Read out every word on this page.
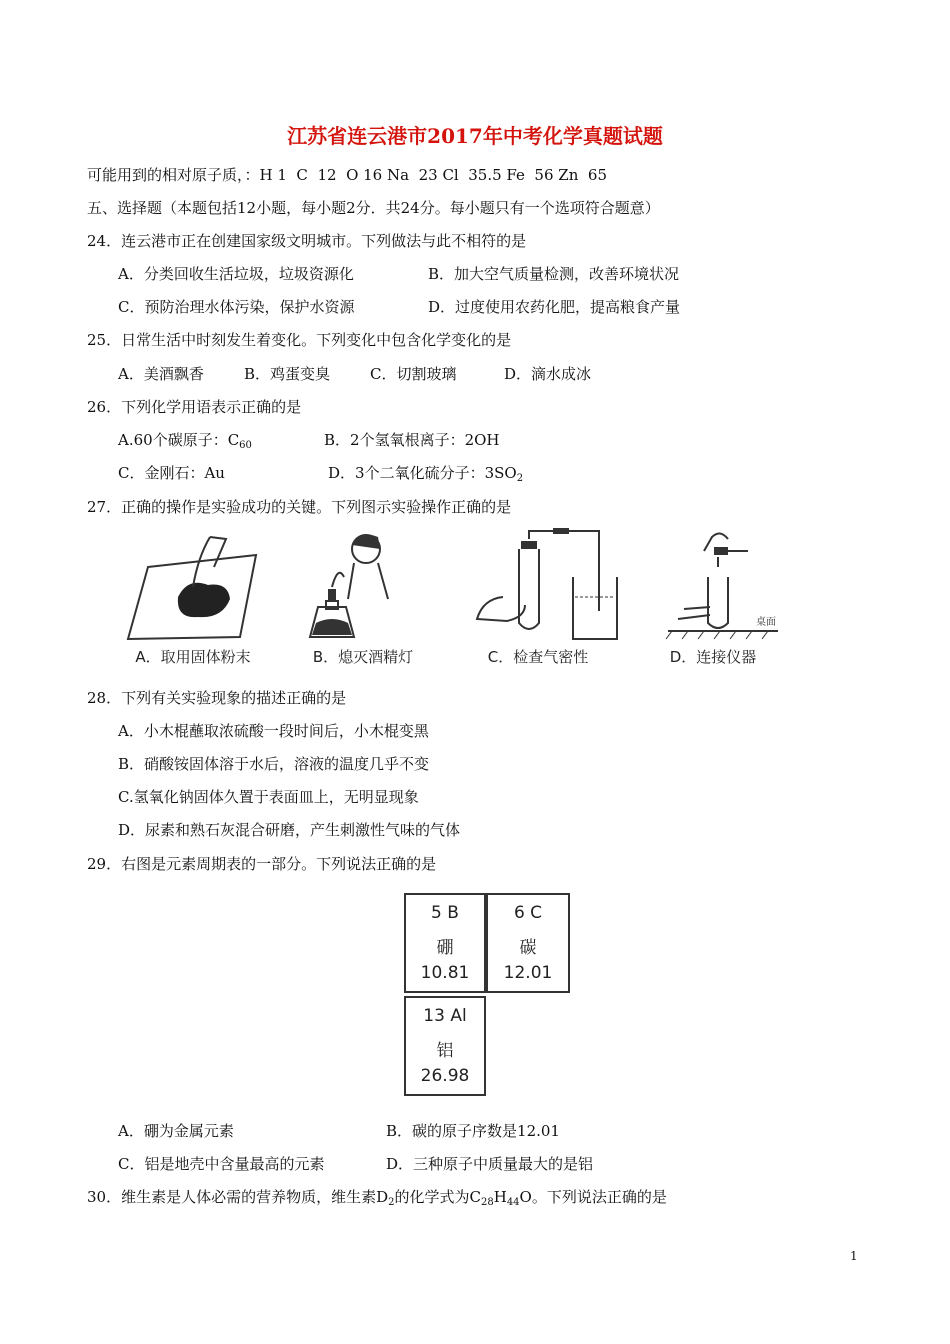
江苏省连云港市2017年中考化学真题试题
可能用到的相对原子质，：H 1  C  12  O 16 Na  23 Cl  35.5 Fe  56 Zn  65
五、选择题（本题包括12小题，每小题2分．共24分。每小题只有一个选项符合题意）
24．连云港市正在创建国家级文明城市。下列做法与此不相符的是
A．分类回收生活垃圾，垃圾资源化	B．加大空气质量检测，改善环境状况
C．预防治理水体污染，保护水资源	D．过度使用农药化肥，提高粮食产量
25．日常生活中时刻发生着变化。下列变化中包含化学变化的是
A．美酒飘香	B．鸡蛋变臭	C．切割玻璃	D．滴水成冰
26．下列化学用语表示正确的是
A.60个碳原子：$C_{60}$	B．2个氢氧根离子：2OH
C．金刚石：Au	D．3个二氧化硫分子：$3SO_2$
27．正确的操作是实验成功的关键。下列图示实验操作正确的是
A．取用固体粉末	B．熄灭酒精灯	C．检查气密性
桌面
D．连接仪器
28．下列有关实验现象的描述正确的是
A．小木棍蘸取浓硫酸一段时间后，小木棍变黑
B．硝酸铵固体溶于水后，溶液的温度几乎不变
C.氢氧化钠固体久置于表面皿上，无明显现象
D．尿素和熟石灰混合研磨，产生刺激性气味的气体
29．右图是元素周期表的一部分。下列说法正确的是
5 B
硼
10.81
6 C
碳
12.01
13 Al
铝
26.98
A．硼为金属元素	B．碳的原子序数是12.01
C．铝是地壳中含量最高的元素	D．三种原子中质量最大的是铝
30．维生素是人体必需的营养物质，维生素$D_2$的化学式为$C_{28}H_{44}O$。下列说法正确的是
1
